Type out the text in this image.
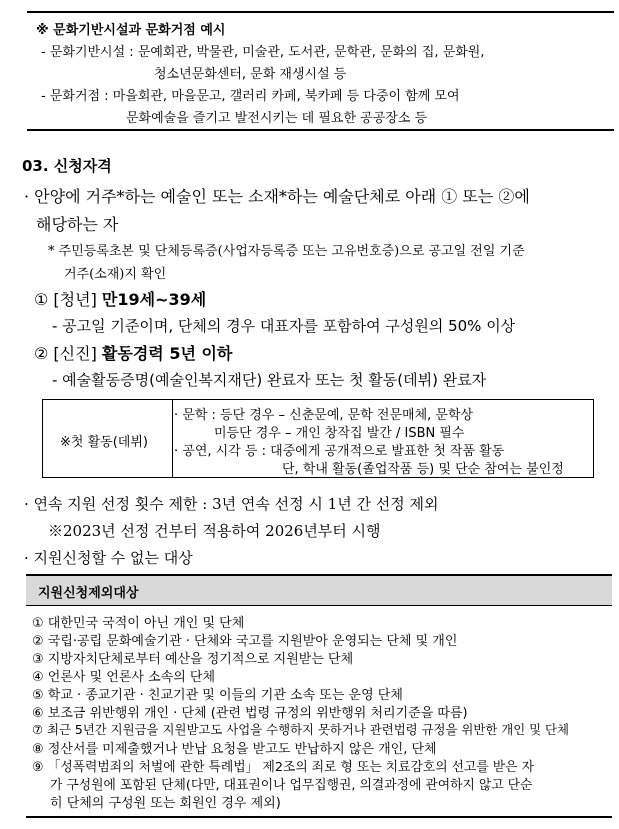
※ 문화기반시설과 문화거점 예시
- 문화기반시설 : 문예회관, 박물관, 미술관, 도서관, 문학관, 문화의 집, 문화원,
청소년문화센터, 문화 재생시설 등
- 문화거점 : 마을회관, 마을문고, 갤러리 카페, 북카페 등 다중이 함께 모여
문화예술을 즐기고 발전시키는 데 필요한 공공장소 등
03. 신청자격
· 안양에 거주*하는 예술인 또는 소재*하는 예술단체로 아래 ① 또는 ②에
해당하는 자
* 주민등록초본 및 단체등록증(사업자등록증 또는 고유번호증)으로 공고일 전일 기준
거주(소재)지 확인
① [청년] 만19세~39세
- 공고일 기준이며, 단체의 경우 대표자를 포함하여 구성원의 50% 이상
② [신진] 활동경력 5년 이하
- 예술활동증명(예술인복지재단) 완료자 또는 첫 활동(데뷔) 완료자
※첫 활동(데뷔)
· 문학 : 등단 경우 – 신춘문예, 문학 전문매체, 문학상
미등단 경우 – 개인 창작집 발간 / ISBN 필수
· 공연, 시각 등 : 대중에게 공개적으로 발표한 첫 작품 활동
단, 학내 활동(졸업작품 등) 및 단순 참여는 불인정
· 연속 지원 선정 횟수 제한 : 3년 연속 선정 시 1년 간 선정 제외
※2023년 선정 건부터 적용하여 2026년부터 시행
· 지원신청할 수 없는 대상
지원신청제외대상
① 대한민국 국적이 아닌 개인 및 단체
② 국립·공립 문화예술기관 · 단체와 국고를 지원받아 운영되는 단체 및 개인
③ 지방자치단체로부터 예산을 정기적으로 지원받는 단체
④ 언론사 및 언론사 소속의 단체
⑤ 학교 · 종교기관 · 친교기관 및 이들의 기관 소속 또는 운영 단체
⑥ 보조금 위반행위 개인 · 단체 (관련 법령 규정의 위반행위 처리기준을 따름)
⑦ 최근 5년간 지원금을 지원받고도 사업을 수행하지 못하거나 관련법령 규정을 위반한 개인 및 단체
⑧ 정산서를 미제출했거나 반납 요청을 받고도 반납하지 않은 개인, 단체
⑨ 「성폭력범죄의 처벌에 관한 특례법」 제2조의 죄로 형 또는 치료감호의 선고를 받은 자
가 구성원에 포함된 단체(다만, 대표권이나 업무집행권, 의결과정에 관여하지 않고 단순
히 단체의 구성원 또는 회원인 경우 제외)
